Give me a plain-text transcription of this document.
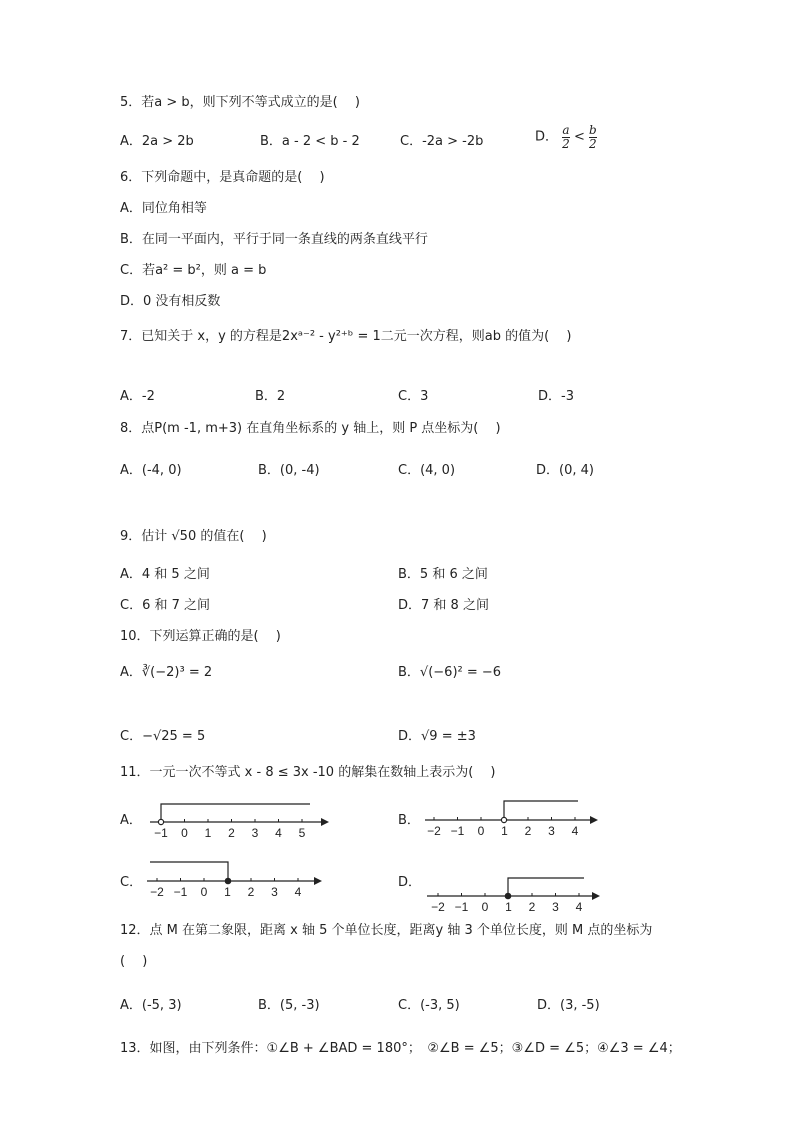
5．若a > b，则下列不等式成立的是(　 )
A．2a > 2b	B．a - 2 < b - 2	C．-2a > -2b	D． $\frac{a}{2} < \frac{b}{2}$
6．下列命题中，是真命题的是(　 )
A．同位角相等
B．在同一平面内，平行于同一条直线的两条直线平行
C．若a² = b²，则 a = b
D．0 没有相反数
7．已知关于 x，y 的方程是2xᵃ⁻² - y²⁺ᵇ = 1二元一次方程，则ab 的值为(　 )
A．-2	B．2	C．3	D．-3
8．点P(m -1, m+3) 在直角坐标系的 y 轴上，则 P 点坐标为(　 )
A．(-4, 0)	B．(0, -4)	C．(4, 0)	D．(0, 4)
9．估计 √50 的值在(　 )
A．4 和 5 之间	B．5 和 6 之间
C．6 和 7 之间	D．7 和 8 之间
10．下列运算正确的是(　 )
A．∛(−2)³ = 2	B．√(−6)² = −6
C．−√25 = 5	D．√9 = ±3
11．一元一次不等式 x - 8 ≤ 3x -10 的解集在数轴上表示为(　 )
A．
−1 0 1 2 3 4 5
B．
−2 −1 0 1 2 3 4
C．
−2 −1 0 1 2 3 4
D．
−2 −1 0 1 2 3 4
12．点 M 在第二象限，距离 x 轴 5 个单位长度，距离y 轴 3 个单位长度，则 M 点的坐标为
(　 )
A．(-5, 3)	B．(5, -3)	C．(-3, 5)	D．(3, -5)
13．如图，由下列条件：①∠B + ∠BAD = 180°；　②∠B = ∠5；③∠D = ∠5；④∠3 = ∠4；
